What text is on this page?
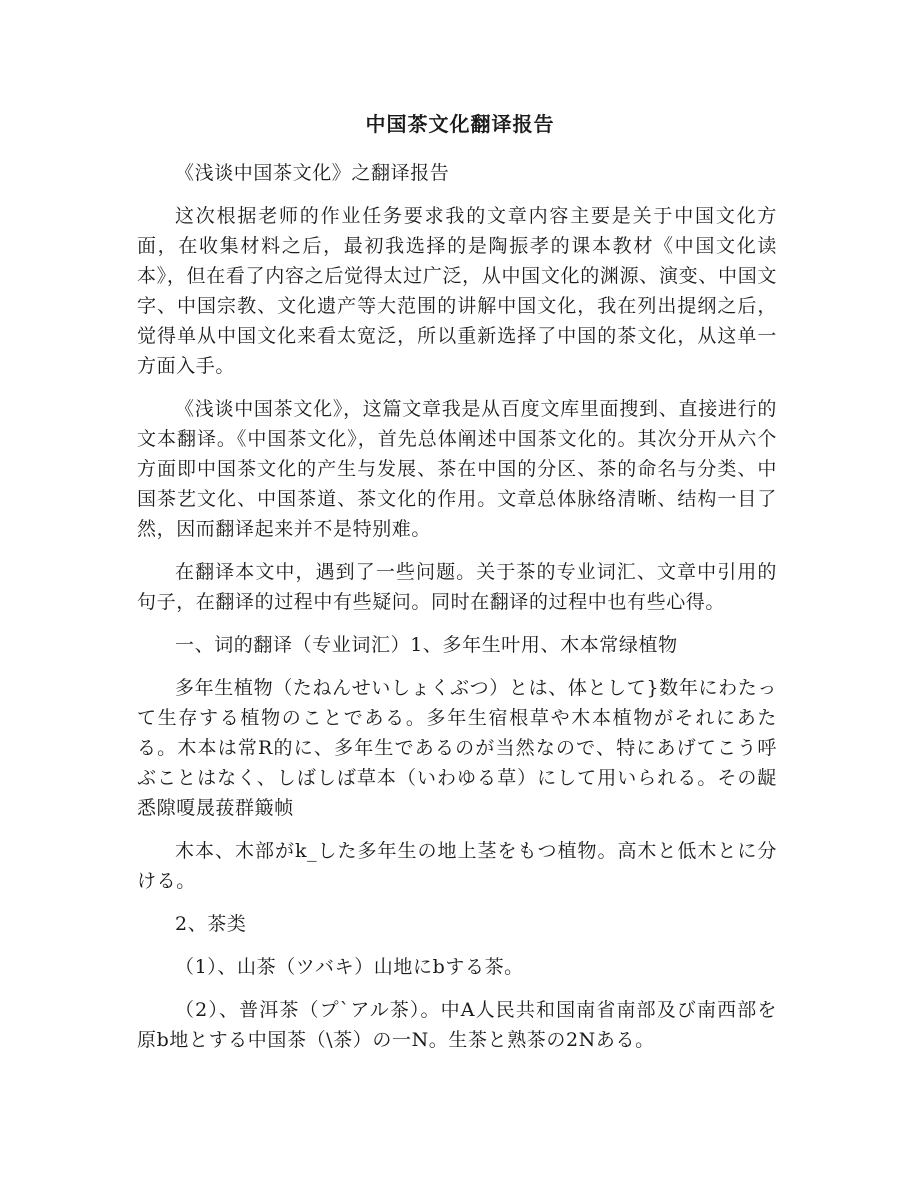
中国茶文化翻译报告

《浅谈中国茶文化》之翻译报告

这次根据老师的作业任务要求我的文章内容主要是关于中国文化方面，在收集材料之后，最初我选择的是陶振孝的课本教材《中国文化读本》，但在看了内容之后觉得太过广泛，从中国文化的渊源、演变、中国文字、中国宗教、文化遗产等大范围的讲解中国文化，我在列出提纲之后，觉得单从中国文化来看太宽泛，所以重新选择了中国的茶文化，从这单一方面入手。

《浅谈中国茶文化》，这篇文章我是从百度文库里面搜到、直接进行的文本翻译。《中国茶文化》，首先总体阐述中国茶文化的。其次分开从六个方面即中国茶文化的产生与发展、茶在中国的分区、茶的命名与分类、中国茶艺文化、中国茶道、茶文化的作用。文章总体脉络清晰、结构一目了然，因而翻译起来并不是特别难。

在翻译本文中，遇到了一些问题。关于茶的专业词汇、文章中引用的句子，在翻译的过程中有些疑问。同时在翻译的过程中也有些心得。

一、词的翻译（专业词汇）1、多年生叶用、木本常绿植物

多年生植物（たねんせいしょくぶつ）とは、体として}数年にわたって生存する植物のことである。多年生宿根草や木本植物がそれにあたる。木本は常R的に、多年生であるのが当然なので、特にあげてこう呼ぶことはなく、しばしば草本（いわゆる草）にして用いられる。その龊悉隙嗄晟菝群簸帧

木本、木部がk_した多年生の地上茎をもつ植物。高木と低木とに分ける。

2、茶类

（1）、山茶（ツバキ）山地にbする茶。

（2）、普洱茶（プ`アル茶）。中A人民共和国南省南部及び南西部を原b地とする中国茶（\茶）の一N。生茶と熟茶の2Nある。
